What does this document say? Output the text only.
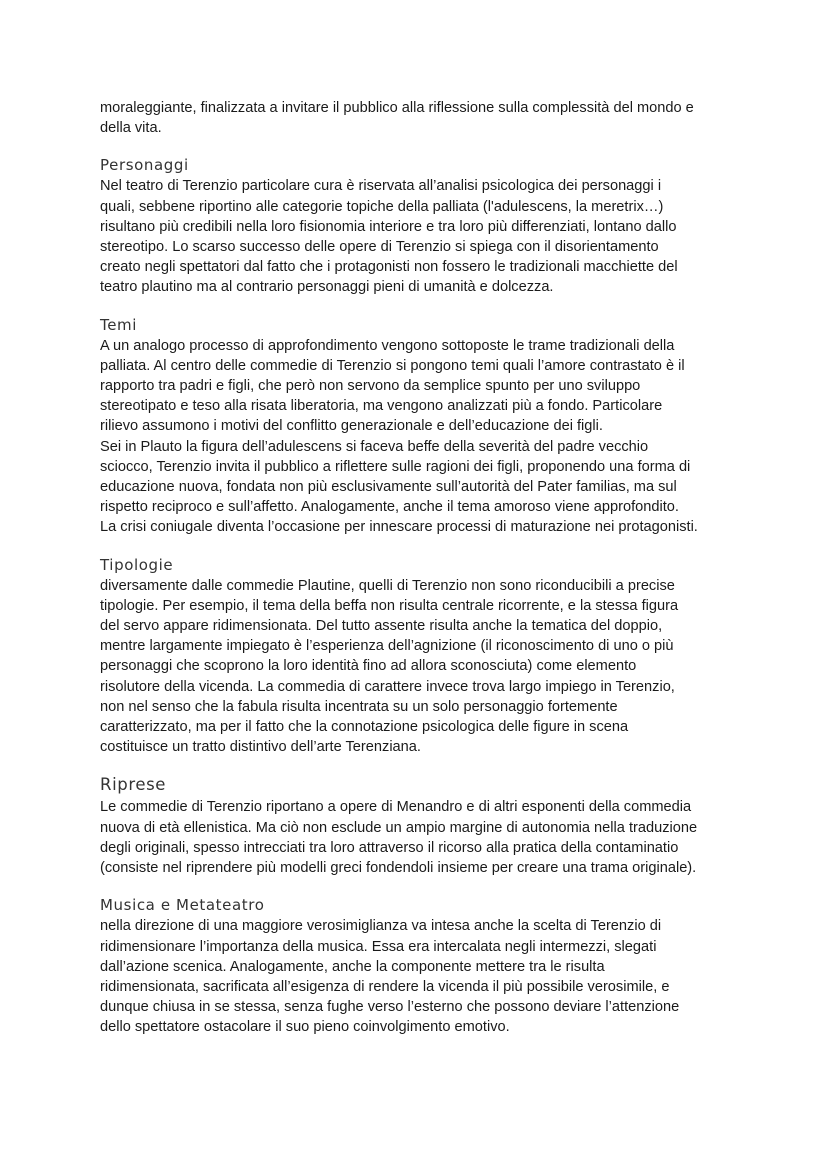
moraleggiante, finalizzata a invitare il pubblico alla riflessione sulla complessità del mondo e
della vita.

Personaggi

Nel teatro di Terenzio particolare cura è riservata all’analisi psicologica dei personaggi i
quali, sebbene riportino alle categorie topiche della palliata (l'adulescens, la meretrix…)
risultano più credibili nella loro fisionomia interiore e tra loro più differenziati, lontano dallo
stereotipo. Lo scarso successo delle opere di Terenzio si spiega con il disorientamento
creato negli spettatori dal fatto che i protagonisti non fossero le tradizionali macchiette del
teatro plautino ma al contrario personaggi pieni di umanità e dolcezza.

Temi

A un analogo processo di approfondimento vengono sottoposte le trame tradizionali della
palliata. Al centro delle commedie di Terenzio si pongono temi quali l’amore contrastato è il
rapporto tra padri e figli, che però non servono da semplice spunto per uno sviluppo
stereotipato e teso alla risata liberatoria, ma vengono analizzati più a fondo. Particolare
rilievo assumono i motivi del conflitto generazionale e dell’educazione dei figli.

Sei in Plauto la figura dell’adulescens si faceva beffe della severità del padre vecchio
sciocco, Terenzio invita il pubblico a riflettere sulle ragioni dei figli, proponendo una forma di
educazione nuova, fondata non più esclusivamente sull’autorità del Pater familias, ma sul
rispetto reciproco e sull’affetto. Analogamente, anche il tema amoroso viene approfondito.
La crisi coniugale diventa l’occasione per innescare processi di maturazione nei protagonisti.

Tipologie

diversamente dalle commedie Plautine, quelli di Terenzio non sono riconducibili a precise
tipologie. Per esempio, il tema della beffa non risulta centrale ricorrente, e la stessa figura
del servo appare ridimensionata. Del tutto assente risulta anche la tematica del doppio,
mentre largamente impiegato è l’esperienza dell’agnizione (il riconoscimento di uno o più
personaggi che scoprono la loro identità fino ad allora sconosciuta) come elemento
risolutore della vicenda. La commedia di carattere invece trova largo impiego in Terenzio,
non nel senso che la fabula risulta incentrata su un solo personaggio fortemente
caratterizzato, ma per il fatto che la connotazione psicologica delle figure in scena
costituisce un tratto distintivo dell’arte Terenziana.

Riprese

Le commedie di Terenzio riportano a opere di Menandro e di altri esponenti della commedia
nuova di età ellenistica. Ma ciò non esclude un ampio margine di autonomia nella traduzione
degli originali, spesso intrecciati tra loro attraverso il ricorso alla pratica della contaminatio
(consiste nel riprendere più modelli greci fondendoli insieme per creare una trama originale).

Musica e Metateatro

nella direzione di una maggiore verosimiglianza va intesa anche la scelta di Terenzio di
ridimensionare l’importanza della musica. Essa era intercalata negli intermezzi, slegati
dall’azione scenica. Analogamente, anche la componente mettere tra le risulta
ridimensionata, sacrificata all’esigenza di rendere la vicenda il più possibile verosimile, e
dunque chiusa in se stessa, senza fughe verso l’esterno che possono deviare l’attenzione
dello spettatore ostacolare il suo pieno coinvolgimento emotivo.
